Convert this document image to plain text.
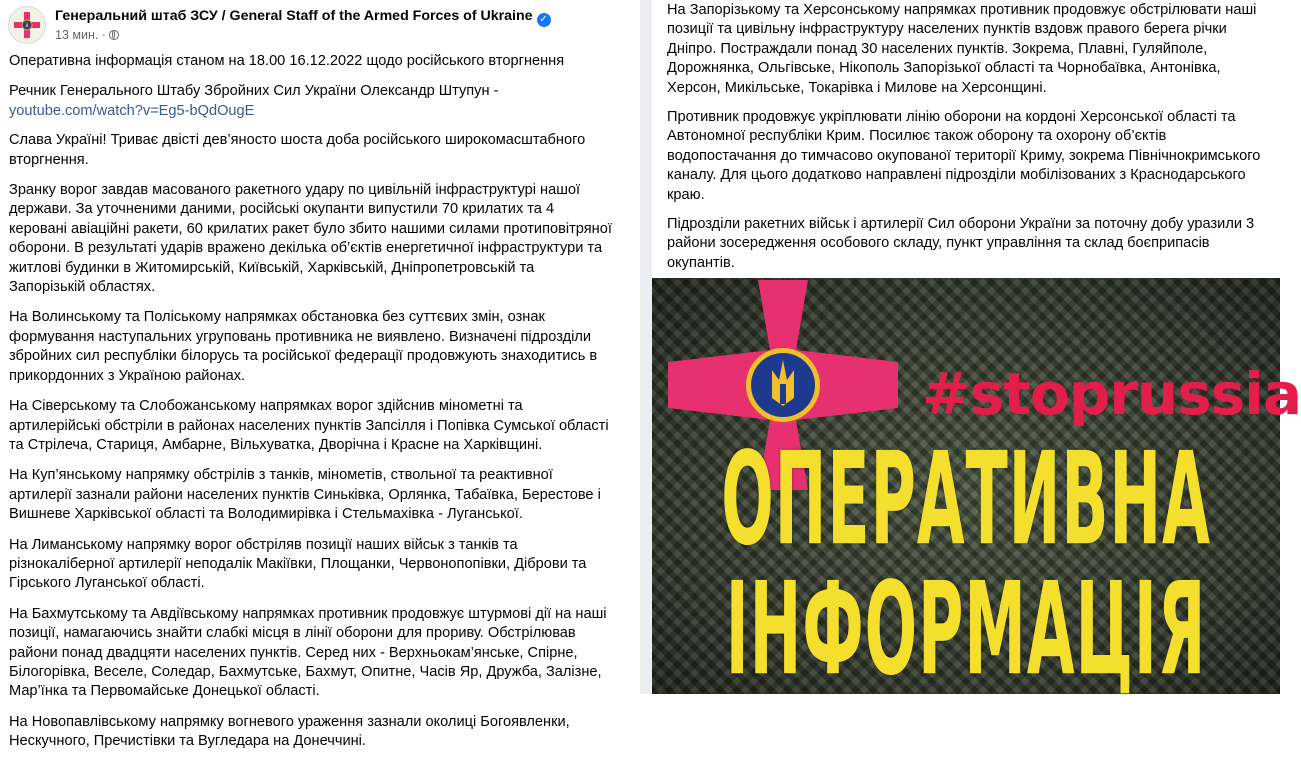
Генеральний штаб ЗСУ / General Staff of the Armed Forces of Ukraine ✓
13 мин. ·

Оперативна інформація станом на 18.00 16.12.2022 щодо російського вторгнення

Речник Генерального Штабу Збройних Сил України Олександр Штупун -
youtube.com/watch?v=Eg5-bQdOugE

Слава Україні! Триває двісті дев’яносто шоста доба російського широкомасштабного
вторгнення.

Зранку ворог завдав масованого ракетного удару по цивільній інфраструктурі нашої
держави. За уточненими даними, російські окупанти випустили 70 крилатих та 4
керовані авіаційні ракети, 60 крилатих ракет було збито нашими силами протиповітряної
оборони. В результаті ударів вражено декілька об’єктів енергетичної інфраструктури та
житлові будинки в Житомирській, Київській, Харківській, Дніпропетровській та
Запорізькій областях.

На Волинському та Поліському напрямках обстановка без суттєвих змін, ознак
формування наступальних угруповань противника не виявлено. Визначені підрозділи
збройних сил республіки білорусь та російської федерації продовжують знаходитись в
прикордонних з Україною районах.

На Сіверському та Слобожанському напрямках ворог здійснив мінометні та
артилерійські обстріли в районах населених пунктів Запсілля і Попівка Сумської області
та Стрілеча, Стариця, Амбарне, Вільхуватка, Дворічна і Красне на Харківщині.

На Куп’янському напрямку обстрілів з танків, мінометів, ствольної та реактивної
артилерії зазнали райони населених пунктів Синьківка, Орлянка, Табаївка, Берестове і
Вишневе Харківської області та Володимирівка і Стельмахівка - Луганської.

На Лиманському напрямку ворог обстріляв позиції наших військ з танків та
різнокаліберної артилерії неподалік Макіївки, Площанки, Червонопопівки, Діброви та
Гірського Луганської області.

На Бахмутському та Авдіївському напрямках противник продовжує штурмові дії на наші
позиції, намагаючись знайти слабкі місця в лінії оборони для прориву. Обстрілював
райони понад двадцяти населених пунктів. Серед них - Верхньокам’янське, Спірне,
Білогорівка, Веселе, Соледар, Бахмутське, Бахмут, Опитне, Часів Яр, Дружба, Залізне,
Мар’їнка та Первомайське Донецької області.

На Новопавлівському напрямку вогневого ураження зазнали околиці Богоявленки,
Нескучного, Пречистівки та Вугледара на Донеччині.

На Запорізькому та Херсонському напрямках противник продовжує обстрілювати наші
позиції та цивільну інфраструктуру населених пунктів вздовж правого берега річки
Дніпро. Постраждали понад 30 населених пунктів. Зокрема, Плавні, Гуляйполе,
Дорожнянка, Ольгівське, Нікополь Запорізької області та Чорнобаївка, Антонівка,
Херсон, Микільське, Токарівка і Милове на Херсонщині.

Противник продовжує укріплювати лінію оборони на кордоні Херсонської області та
Автономної республіки Крим. Посилює також оборону та охорону об’єктів
водопостачання до тимчасово окупованої території Криму, зокрема Північнокримського
каналу. Для цього додатково направлені підрозділи мобілізованих з Краснодарського
краю.

Підрозділи ракетних військ і артилерії Сил оборони України за поточну добу уразили 3
райони зосередження особового складу, пункт управління та склад боєприпасів
окупантів.

#stoprussia
ОПЕРАТИВНА
ІНФОРМАЦІЯ
